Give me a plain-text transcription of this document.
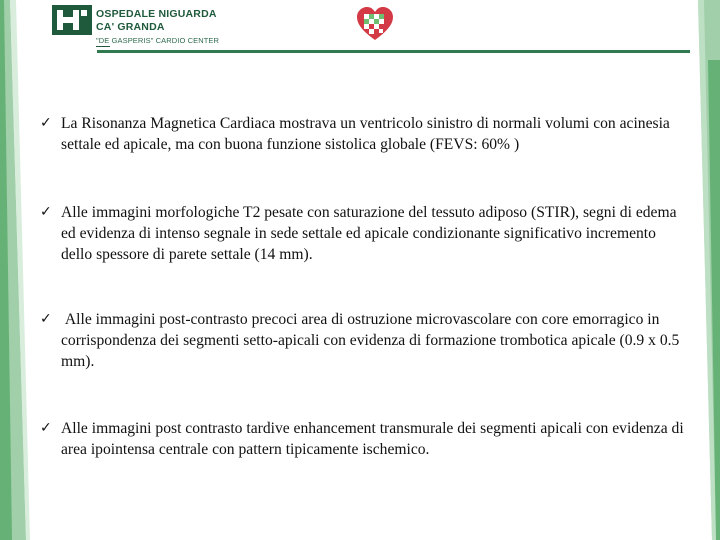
OSPEDALE NIGUARDA
CA' GRANDA
"DE GASPERIS" CARDIO CENTER
✓ La Risonanza Magnetica Cardiaca mostrava un ventricolo sinistro di normali volumi con acinesia settale ed apicale, ma con buona funzione sistolica globale (FEVS: 60% )
✓ Alle immagini morfologiche T2 pesate con saturazione del tessuto adiposo (STIR), segni di edema ed evidenza di intenso segnale in sede settale ed apicale condizionante significativo incremento dello spessore di parete settale (14 mm).
✓ Alle immagini post-contrasto precoci area di ostruzione microvascolare con core emorragico in corrispondenza dei segmenti setto-apicali con evidenza di formazione trombotica apicale (0.9 x 0.5 mm).
✓ Alle immagini post contrasto tardive enhancement transmurale dei segmenti apicali con evidenza di area ipointensa centrale con pattern tipicamente ischemico.
